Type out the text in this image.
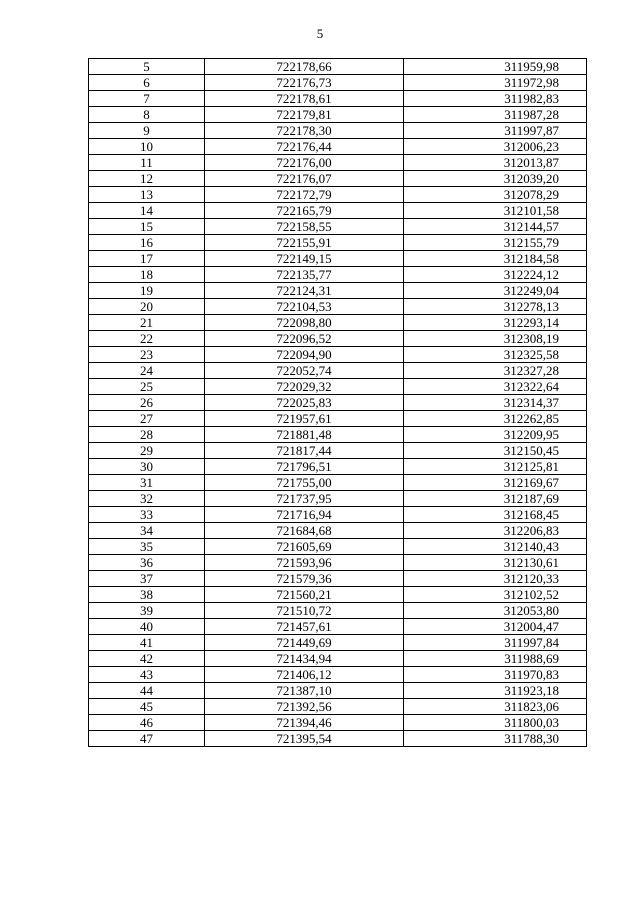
5
5	722178,66	311959,98
6	722176,73	311972,98
7	722178,61	311982,83
8	722179,81	311987,28
9	722178,30	311997,87
10	722176,44	312006,23
11	722176,00	312013,87
12	722176,07	312039,20
13	722172,79	312078,29
14	722165,79	312101,58
15	722158,55	312144,57
16	722155,91	312155,79
17	722149,15	312184,58
18	722135,77	312224,12
19	722124,31	312249,04
20	722104,53	312278,13
21	722098,80	312293,14
22	722096,52	312308,19
23	722094,90	312325,58
24	722052,74	312327,28
25	722029,32	312322,64
26	722025,83	312314,37
27	721957,61	312262,85
28	721881,48	312209,95
29	721817,44	312150,45
30	721796,51	312125,81
31	721755,00	312169,67
32	721737,95	312187,69
33	721716,94	312168,45
34	721684,68	312206,83
35	721605,69	312140,43
36	721593,96	312130,61
37	721579,36	312120,33
38	721560,21	312102,52
39	721510,72	312053,80
40	721457,61	312004,47
41	721449,69	311997,84
42	721434,94	311988,69
43	721406,12	311970,83
44	721387,10	311923,18
45	721392,56	311823,06
46	721394,46	311800,03
47	721395,54	311788,30
